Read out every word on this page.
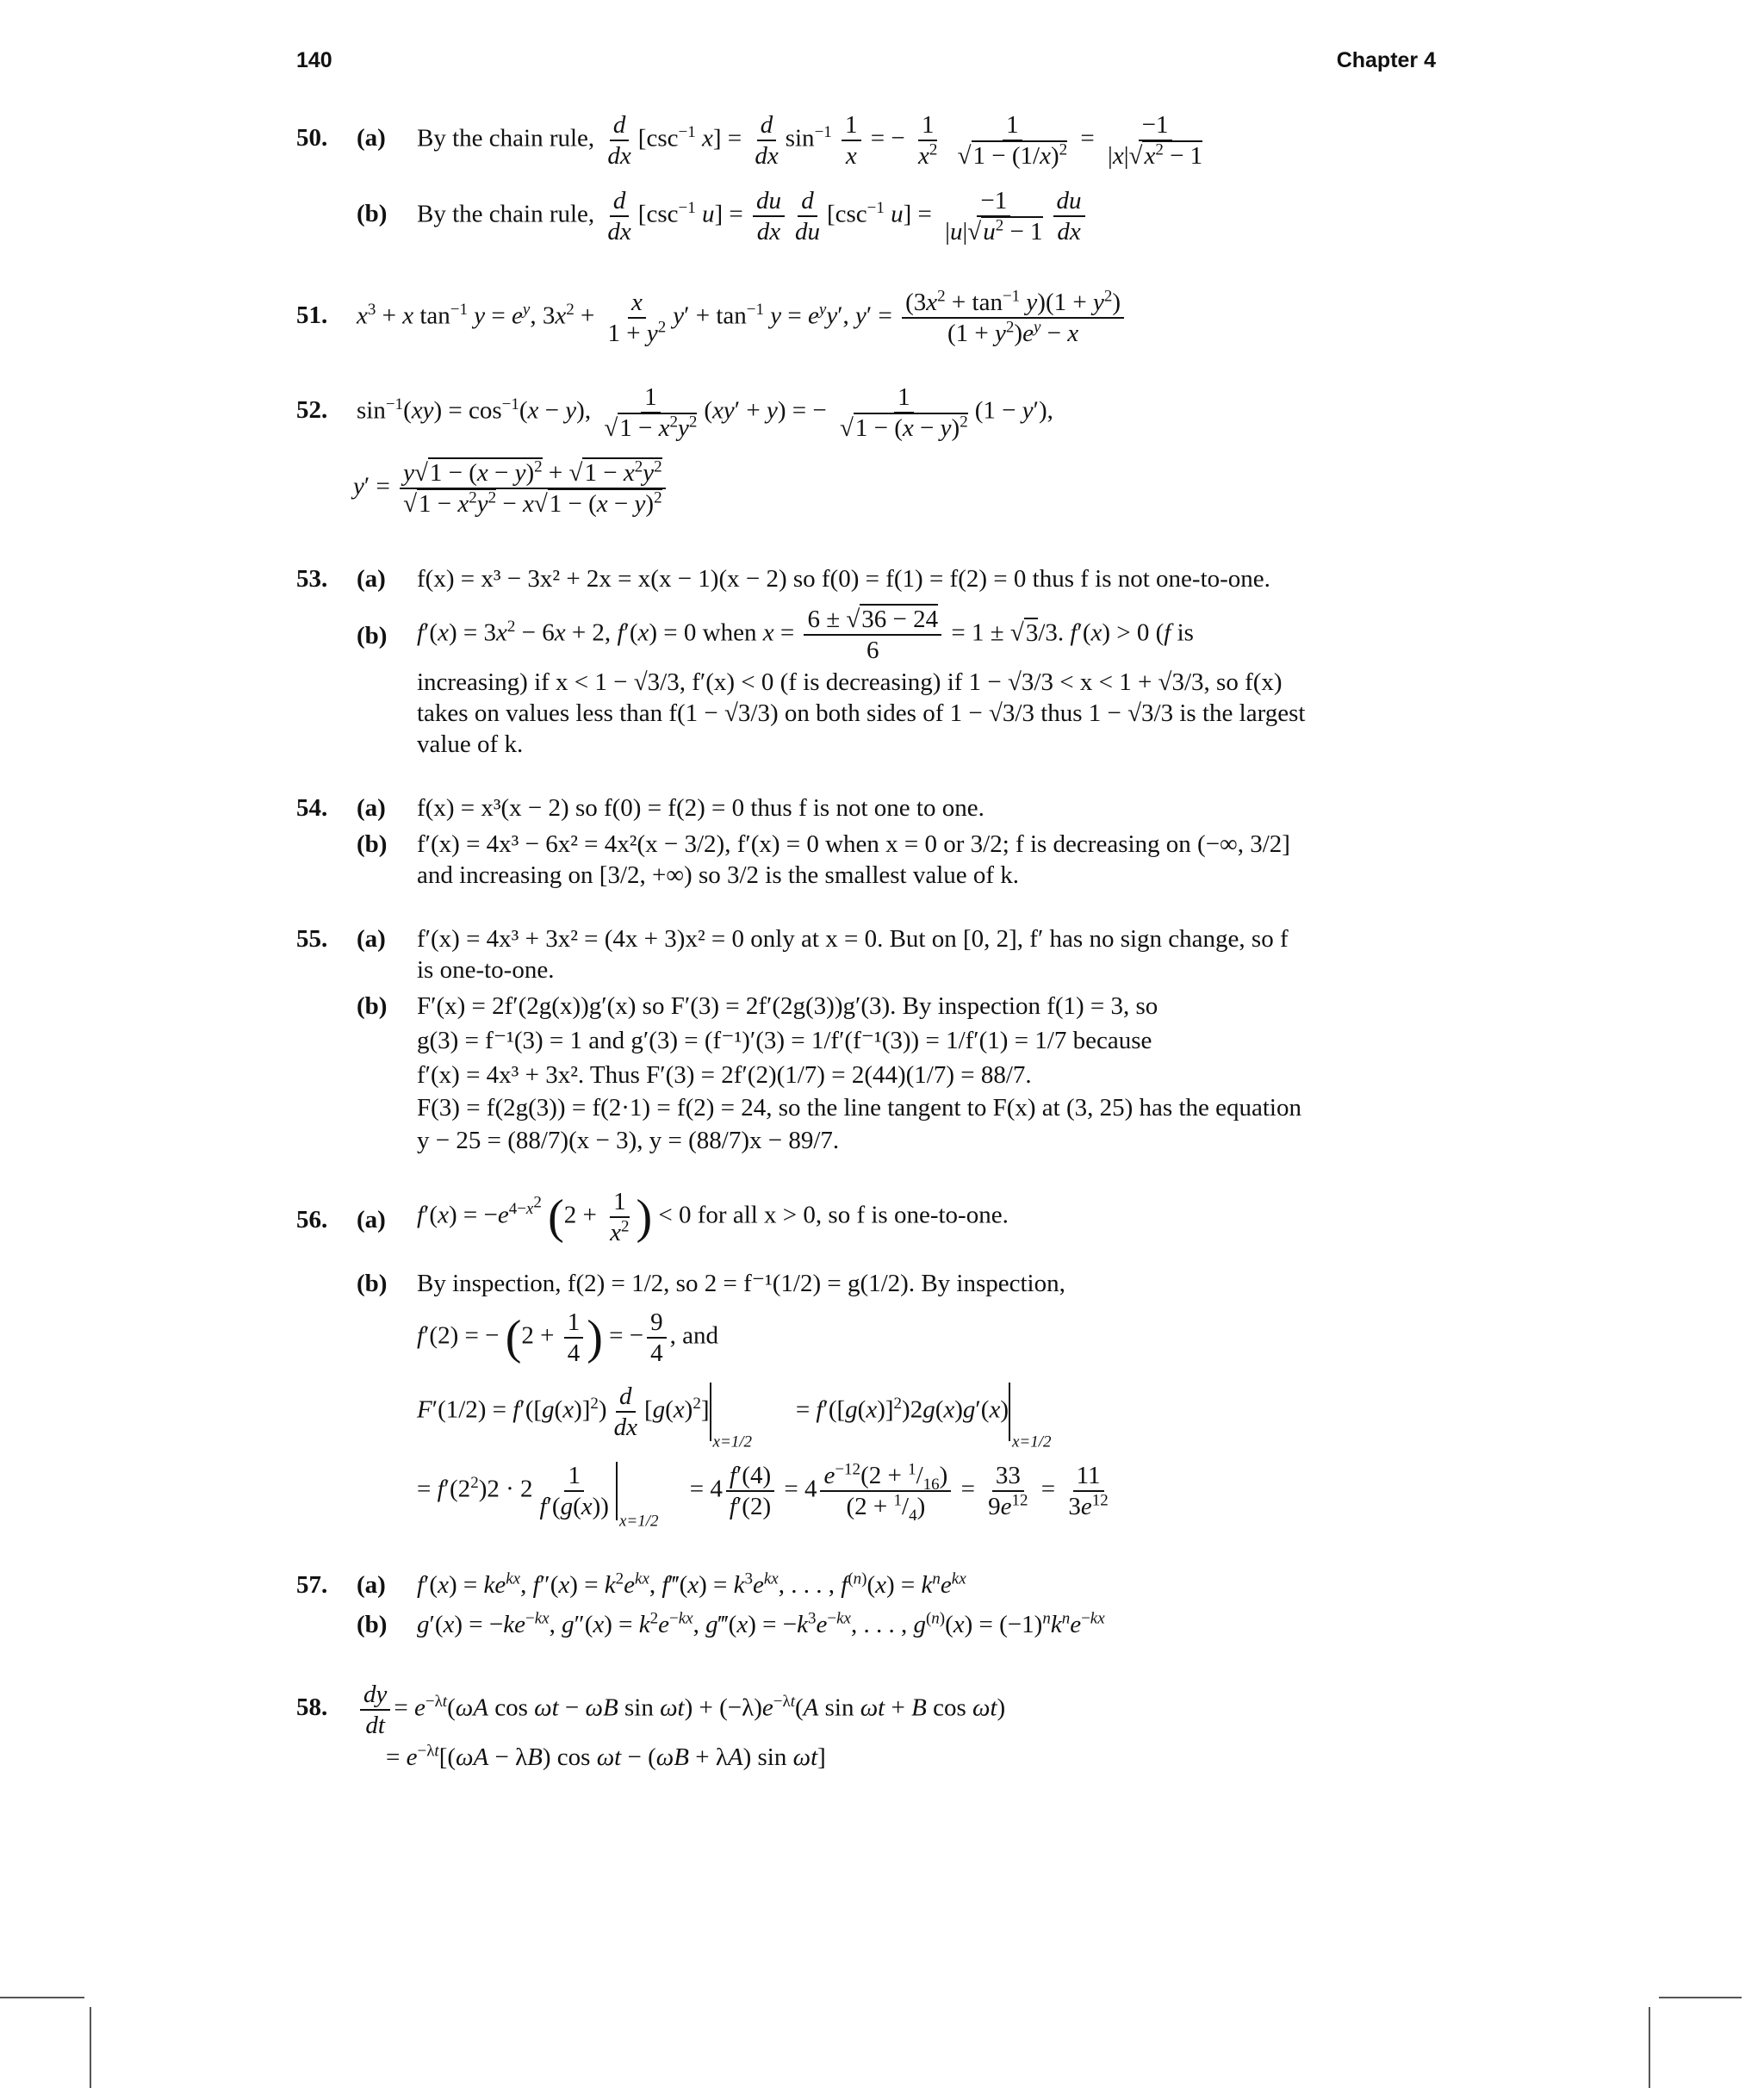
140	Chapter 4
50. (a) By the chain rule, $\frac{d}{dx} [\csc^{-1}$ $x] = \frac{d}{dx} \sin^{-1} \frac{1}{x}$ = − $\frac{1}{x^2}$
$\frac{1}{√1 - (1/x)^2} = \frac{-1}{|x|√x^2 - 1}$
(b) By the chain rule, $\frac{d}{dx} [\csc^{-1}$ $u] = \frac{du}{dx} \frac{d}{du} [\csc^{-1}$ $u] = \frac{-1}{|u|√u^2 - 1} \frac{du}{dx}$
51. $x^3 + x$ $\tan^{-1} y = e^y$, $3x^2 + \frac{x}{1 + y^2} y' + \tan^{-1} y = e^yy'$, $y' = \frac{(3x^2 + \tan^{-1} y)(1 + y^2)}{(1 + y^2)e^y - x}$
52. $\sin^{-1}(xy) = \cos^{-1}(x - y)$, $\frac{1}{√1 - x^2y^2} (xy' + y)$ = − $\frac{1}{√1 - (x - y)^2} (1 - y')$,
$y' = \frac{y√1 - (x - y)^2 + √1 - x^2y^2}{√1 - x^2y^2 - x√1 - (x - y)^2}$
53. (a) f(x) = x³ − 3x² + 2x = x(x − 1)(x − 2) so f(0) = f(1) = f(2) = 0 thus f is not one-to-one.
(b) $f'(x) = 3x^2 - 6x + 2$, f′(x) = 0 when $x = \frac{6 \pm √36 - 24}{6} = 1 \pm √3/3$. f′(x) > 0 (f is
increasing) if x < 1 − √3/3, f′(x) < 0 (f is decreasing) if 1 − √3/3 < x < 1 + √3/3, so f(x)
takes on values less than f(1 − √3/3) on both sides of 1 − √3/3 thus 1 − √3/3 is the largest
value of k.
54. (a) f(x) = x³(x − 2) so f(0) = f(2) = 0 thus f is not one to one.
(b) f′(x) = 4x³ − 6x² = 4x²(x − 3/2), f′(x) = 0 when x = 0 or 3/2; f is decreasing on (−∞, 3/2]
and increasing on [3/2, +∞) so 3/2 is the smallest value of k.
55. (a) f′(x) = 4x³ + 3x² = (4x + 3)x² = 0 only at x = 0. But on [0, 2], f′ has no sign change, so f
is one-to-one.
(b) F′(x) = 2f′(2g(x))g′(x) so F′(3) = 2f′(2g(3))g′(3). By inspection f(1) = 3, so
g(3) = f⁻¹(3) = 1 and g′(3) = (f⁻¹)′(3) = 1/f′(f⁻¹(3)) = 1/f′(1) = 1/7 because
f′(x) = 4x³ + 3x². Thus F′(3) = 2f′(2)(1/7) = 2(44)(1/7) = 88/7.
F(3) = f(2g(3)) = f(2·1) = f(2) = 24, so the line tangent to F(x) at (3, 25) has the equation
y − 25 = (88/7)(x − 3), y = (88/7)x − 89/7.
56. (a) $f'(x) = -e^{4-x^2}$ ($2 + \frac{1}{x^2}$ ) < 0 for all x > 0, so f is one-to-one.
(b) By inspection, f(2) = 1/2, so 2 = f⁻¹(1/2) = g(1/2). By inspection,
f′(2) = − ($2 + \frac{1}{4}$ ) = − $\frac{9}{4}$ , and
$F'(1/2) = f'([g(x)]^2) \frac{d}{dx} [g(x)^2]_{x=1/2}$       = $f'([g(x)]^2)2g(x)g'(x)_{x=1/2}$
= $f'(2^2)2 \cdot 2 \frac{1}{f'(g(x))}$
$_{x=1/2}$     = $4 \frac{f'(4)}{f'(2)} = 4 \frac{e^{-12}(2 + ^1/_{16})}{(2 + ^1/_4)} = \frac{33}{9e^{12}} = \frac{11}{3e^{12}}$
57. (a) $f'(x) = ke^{kx}$, $f''(x) = k^2e^{kx}$, f‴(x) = $k^3e^{kx}$, . . . , $f^{(n)}(x) = k^ne^{kx}$
(b) $g'(x) = -ke^{-kx}$, $g''(x) = k^2e^{-kx}$, g‴(x) = $-k^3e^{-kx}$, . . . , $g^{(n)}(x) = (-1)^nk^ne^{-kx}$
58. $\frac{dy}{dt} = e^{-\lambda t}(\omega A$ cos ωt − ωB $\sin \omega t) + (-\lambda)e^{-\lambda t}(A$ sin ωt + B cos ωt)
= $e^{-\lambda t}[(\omega A - \lambda B)$ cos ωt − (ωB + λA) sin ωt]
